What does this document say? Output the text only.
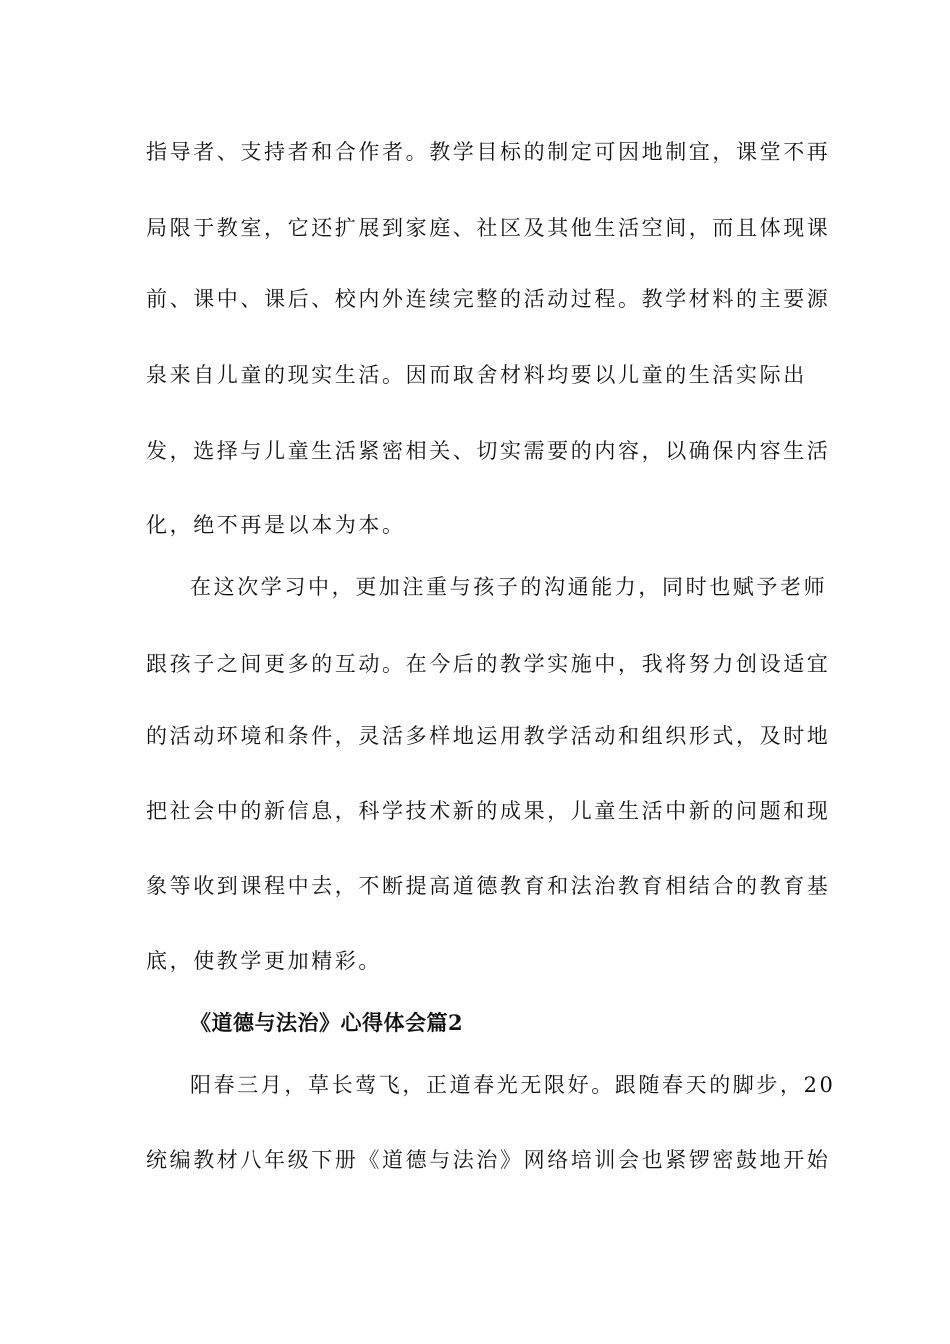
指导者、支持者和合作者。教学目标的制定可因地制宜，课堂不再
局限于教室，它还扩展到家庭、社区及其他生活空间，而且体现课
前、课中、课后、校内外连续完整的活动过程。教学材料的主要源
泉来自儿童的现实生活。因而取舍材料均要以儿童的生活实际出
发，选择与儿童生活紧密相关、切实需要的内容，以确保内容生活
化，绝不再是以本为本。
在这次学习中，更加注重与孩子的沟通能力，同时也赋予老师
跟孩子之间更多的互动。在今后的教学实施中，我将努力创设适宜
的活动环境和条件，灵活多样地运用教学活动和组织形式，及时地
把社会中的新信息，科学技术新的成果，儿童生活中新的问题和现
象等收到课程中去，不断提高道德教育和法治教育相结合的教育基
底，使教学更加精彩。
《道德与法治》心得体会篇2
阳春三月，草长莺飞，正道春光无限好。跟随春天的脚步，20
统编教材八年级下册《道德与法治》网络培训会也紧锣密鼓地开始
